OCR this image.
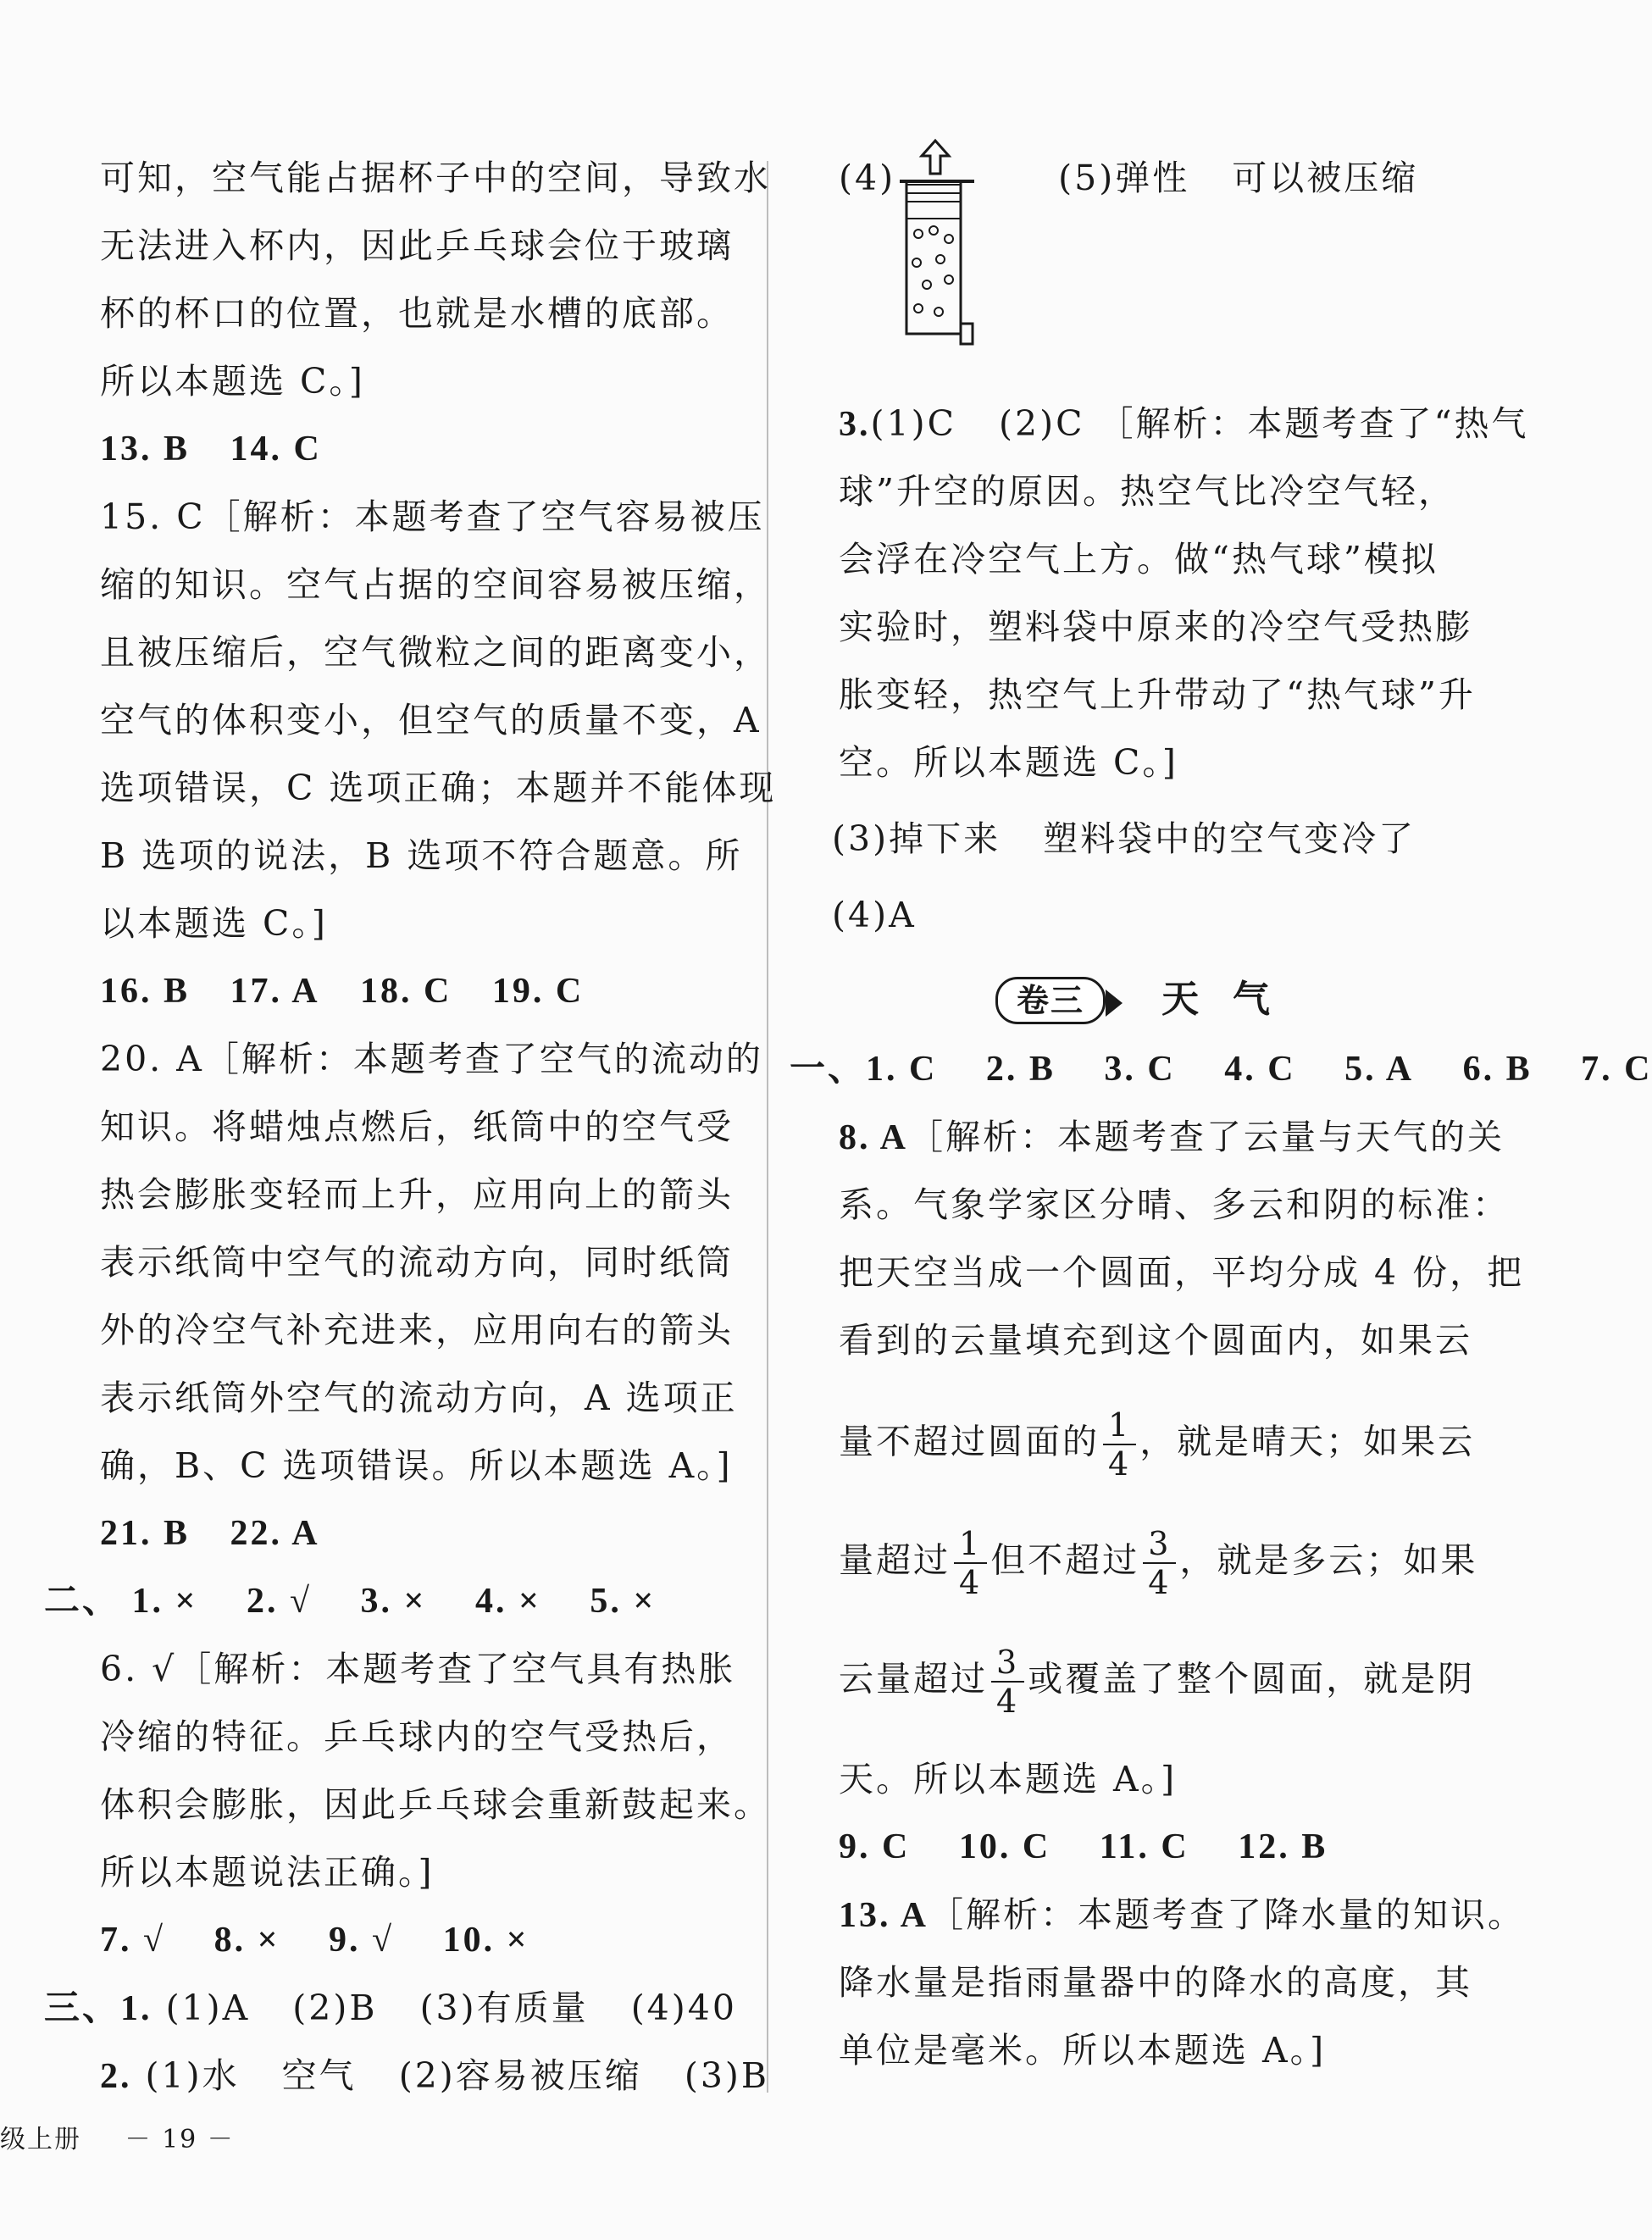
可知，空气能占据杯子中的空间，导致水
无法进入杯内，因此乒乓球会位于玻璃
杯的杯口的位置，也就是水槽的底部。
所以本题选 C。]
13. B 14. C
15. C［解析：本题考查了空气容易被压
缩的知识。空气占据的空间容易被压缩，
且被压缩后，空气微粒之间的距离变小，
空气的体积变小，但空气的质量不变，A
选项错误，C 选项正确；本题并不能体现
B 选项的说法，B 选项不符合题意。所
以本题选 C。]
16. B 17. A 18. C 19. C
20. A［解析：本题考查了空气的流动的
知识。将蜡烛点燃后，纸筒中的空气受
热会膨胀变轻而上升，应用向上的箭头
表示纸筒中空气的流动方向，同时纸筒
外的冷空气补充进来，应用向右的箭头
表示纸筒外空气的流动方向，A 选项正
确，B、C 选项错误。所以本题选 A。]
21. B 22. A
二、 1. × 2. √ 3. × 4. × 5. ×
6. √［解析：本题考查了空气具有热胀
冷缩的特征。乒乓球内的空气受热后，
体积会膨胀，因此乒乓球会重新鼓起来。
所以本题说法正确。]
7. √ 8. × 9. √ 10. ×
三、1. (1)A (2)B (3)有质量 (4)40
2. (1)水 空气 (2)容易被压缩 (3)B
(4)	(5)弹性 可以被压缩
3.(1)C (2)C ［解析：本题考查了“热气
球”升空的原因。热空气比冷空气轻，
会浮在冷空气上方。做“热气球”模拟
实验时，塑料袋中原来的冷空气受热膨
胀变轻，热空气上升带动了“热气球”升
空。所以本题选 C。]
(3)掉下来 塑料袋中的空气变冷了
(4)A
卷三 天气
一、1. C 2. B 3. C 4. C 5. A 6. B 7. C
8. A［解析：本题考查了云量与天气的关
系。气象学家区分晴、多云和阴的标准：
把天空当成一个圆面，平均分成 4 份，把
看到的云量填充到这个圆面内，如果云
量不超过圆面的 $\frac{1}{4}$ ，就是晴天；如果云
量超过 $\frac{1}{4}$ 但不超过 $\frac{3}{4}$ ，就是多云；如果
云量超过 $\frac{3}{4}$ 或覆盖了整个圆面，就是阴
天。所以本题选 A。]
9. C 10. C 11. C 12. B
13. A［解析：本题考查了降水量的知识。
降水量是指雨量器中的降水的高度，其
单位是毫米。所以本题选 A。]
级上册 － 19 －
